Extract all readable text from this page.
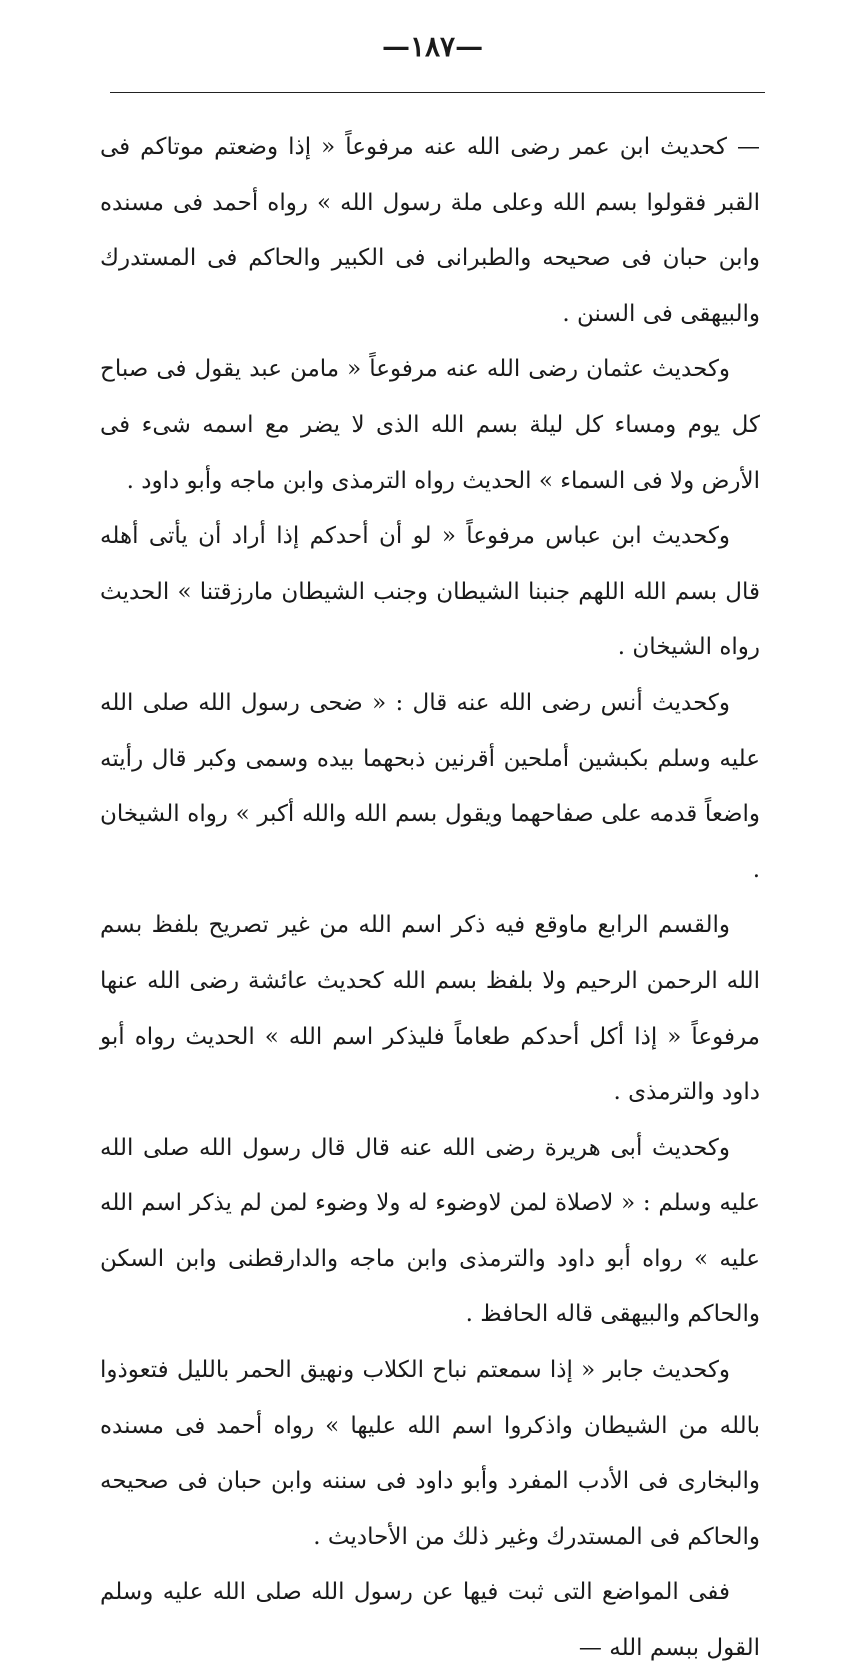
—١٨٧—

— كحديث ابن عمر رضى الله عنه مرفوعاً « إذا وضعتم موتاكم فى القبر فقولوا بسم الله وعلى ملة رسول الله » رواه أحمد فى مسنده وابن حبان فى صحيحه والطبرانى فى الكبير والحاكم فى المستدرك والبيهقى فى السنن .

وكحديث عثمان رضى الله عنه مرفوعاً « مامن عبد يقول فى صباح كل يوم ومساء كل ليلة بسم الله الذى لا يضر مع اسمه شىء فى الأرض ولا فى السماء » الحديث رواه الترمذى وابن ماجه وأبو داود .

وكحديث ابن عباس مرفوعاً « لو أن أحدكم إذا أراد أن يأتى أهله قال بسم الله اللهم جنبنا الشيطان وجنب الشيطان مارزقتنا » الحديث رواه الشيخان .

وكحديث أنس رضى الله عنه قال : « ضحى رسول الله صلى الله عليه وسلم بكبشين أملحين أقرنين ذبحهما بيده وسمى وكبر قال رأيته واضعاً قدمه على صفاحهما ويقول بسم الله والله أكبر » رواه الشيخان .

والقسم الرابع ماوقع فيه ذكر اسم الله من غير تصريح بلفظ بسم الله الرحمن الرحيم ولا بلفظ بسم الله كحديث عائشة رضى الله عنها مرفوعاً « إذا أكل أحدكم طعاماً فليذكر اسم الله » الحديث رواه أبو داود والترمذى .

وكحديث أبى هريرة رضى الله عنه قال قال رسول الله صلى الله عليه وسلم : « لاصلاة لمن لاوضوء له ولا وضوء لمن لم يذكر اسم الله عليه » رواه أبو داود والترمذى وابن ماجه والدارقطنى وابن السكن والحاكم والبيهقى قاله الحافظ .

وكحديث جابر « إذا سمعتم نباح الكلاب ونهيق الحمر بالليل فتعوذوا بالله من الشيطان واذكروا اسم الله عليها » رواه أحمد فى مسنده والبخارى فى الأدب المفرد وأبو داود فى سننه وابن حبان فى صحيحه والحاكم فى المستدرك وغير ذلك من الأحاديث .

ففى المواضع التى ثبت فيها عن رسول الله صلى الله عليه وسلم القول ببسم الله —
